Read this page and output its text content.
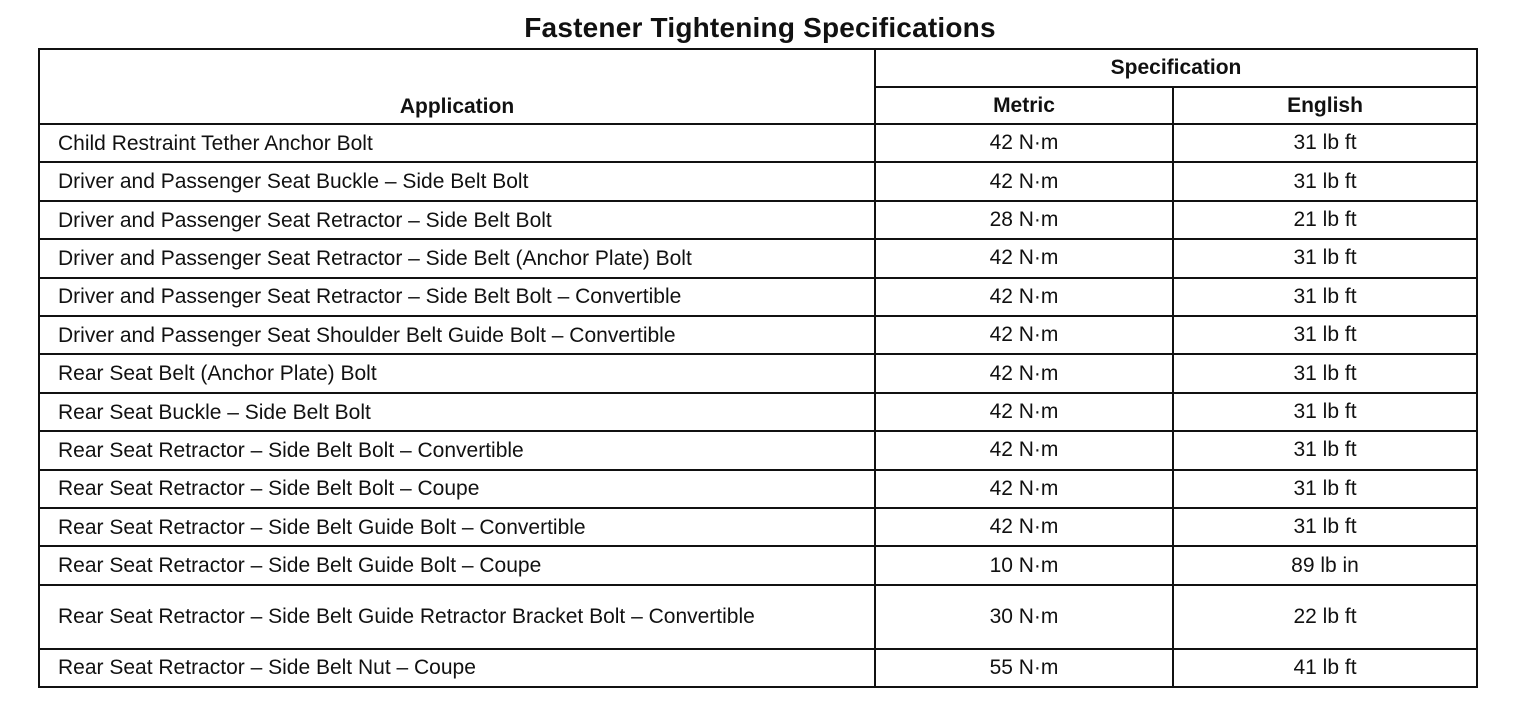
Fastener Tightening Specifications
Application	Specification	
	Metric	English
Child Restraint Tether Anchor Bolt	42 N·m	31 lb ft
Driver and Passenger Seat Buckle – Side Belt Bolt	42 N·m	31 lb ft
Driver and Passenger Seat Retractor – Side Belt Bolt	28 N·m	21 lb ft
Driver and Passenger Seat Retractor – Side Belt (Anchor Plate) Bolt	42 N·m	31 lb ft
Driver and Passenger Seat Retractor – Side Belt Bolt – Convertible	42 N·m	31 lb ft
Driver and Passenger Seat Shoulder Belt Guide Bolt – Convertible	42 N·m	31 lb ft
Rear Seat Belt (Anchor Plate) Bolt	42 N·m	31 lb ft
Rear Seat Buckle – Side Belt Bolt	42 N·m	31 lb ft
Rear Seat Retractor – Side Belt Bolt – Convertible	42 N·m	31 lb ft
Rear Seat Retractor – Side Belt Bolt – Coupe	42 N·m	31 lb ft
Rear Seat Retractor – Side Belt Guide Bolt – Convertible	42 N·m	31 lb ft
Rear Seat Retractor – Side Belt Guide Bolt – Coupe	10 N·m	89 lb in
Rear Seat Retractor – Side Belt Guide Retractor Bracket Bolt – Convertible	30 N·m	22 lb ft
Rear Seat Retractor – Side Belt Nut – Coupe	55 N·m	41 lb ft
